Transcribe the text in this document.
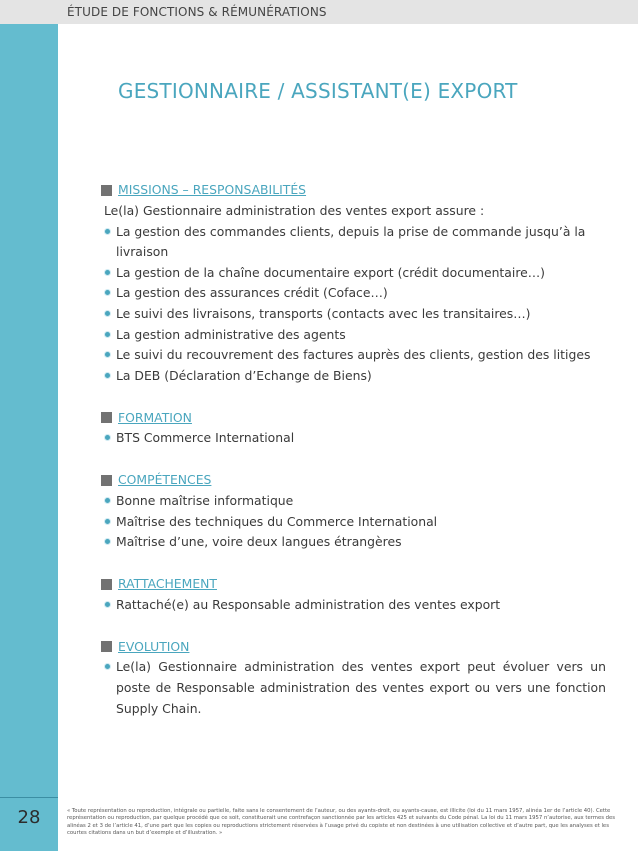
ÉTUDE DE FONCTIONS & RÉMUNÉRATIONS
GESTIONNAIRE / ASSISTANT(E) EXPORT
MISSIONS – RESPONSABILITÉS
Le(la) Gestionnaire administration des ventes export assure :
La gestion des commandes clients, depuis la prise de commande jusqu’à la livraison
La gestion de la chaîne documentaire export (crédit documentaire…)
La gestion des assurances crédit (Coface…)
Le suivi des livraisons, transports (contacts avec les transitaires…)
La gestion administrative des agents
Le suivi du recouvrement des factures auprès des clients, gestion des litiges
La DEB (Déclaration d’Echange de Biens)
FORMATION
BTS Commerce International
COMPÉTENCES
Bonne maîtrise informatique
Maîtrise des techniques du Commerce International
Maîtrise d’une, voire deux langues étrangères
RATTACHEMENT
Rattaché(e) au Responsable administration des ventes export
EVOLUTION
Le(la) Gestionnaire administration des ventes export peut évoluer vers un poste de Responsable administration des ventes export ou vers une fonction Supply Chain.
28	« Toute représentation ou reproduction, intégrale ou partielle, faite sans le consentement de l’auteur, ou des ayants-droit, ou ayants-cause, est illicite (loi du 11 mars 1957, alinéa 1er de l’article 40). Cette représentation ou reproduction, par quelque procédé que ce soit, constituerait une contrefaçon sanctionnée par les articles 425 et suivants du Code pénal. La loi du 11 mars 1957 n’autorise, aux termes des alinéas 2 et 3 de l’article 41, d’une part que les copies ou reproductions strictement réservées à l’usage privé du copiste et non destinées à une utilisation collective et d’autre part, que les analyses et les courtes citations dans un but d’exemple et d’illustration. »
